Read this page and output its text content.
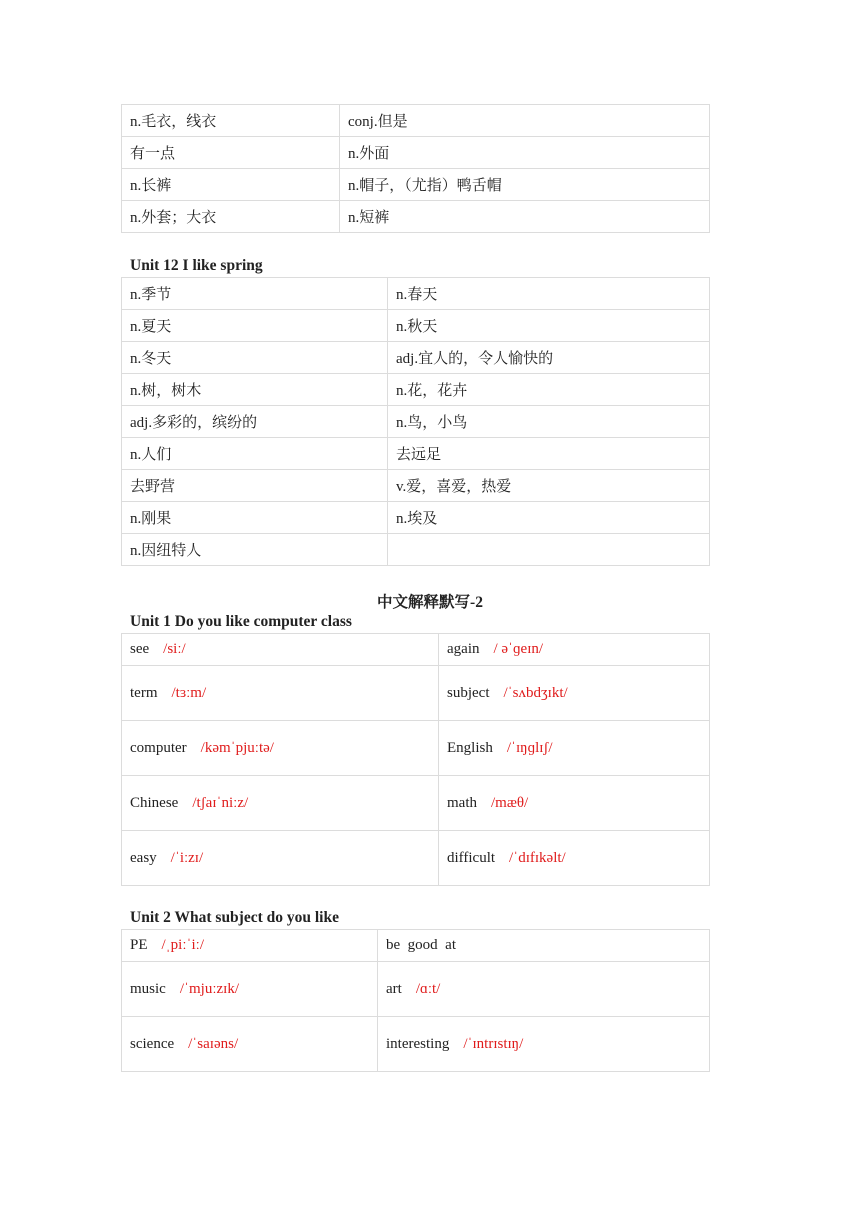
n.毛衣，线衣	conj.但是
有一点	n.外面
n.长裤	n.帽子，（尤指）鸭舌帽
n.外套；大衣	n.短裤
Unit 12 I like spring
n.季节	n.春天
n.夏天	n.秋天
n.冬天	adj.宜人的，令人愉快的
n.树，树木	n.花，花卉
adj.多彩的，缤纷的	n.鸟，小鸟
n.人们	去远足
去野营	v.爱，喜爱，热爱
n.刚果	n.埃及
n.因纽特人	
中文解释默写-2
Unit 1 Do you like computer class
see /siː/	again / əˈɡeɪn/
term /tɜːm/	subject /ˈsʌbdʒɪkt/
computer /kəmˈpjuːtə/	English /ˈɪŋɡlɪʃ/
Chinese /tʃaɪˈniːz/	math /mæθ/
easy /ˈiːzɪ/	difficult /ˈdɪfɪkəlt/
Unit 2 What subject do you like
PE /ˌpiːˈiː/	be  good  at
music /ˈmjuːzɪk/	art /ɑːt/
science /ˈsaɪəns/	interesting /ˈɪntrɪstɪŋ/
